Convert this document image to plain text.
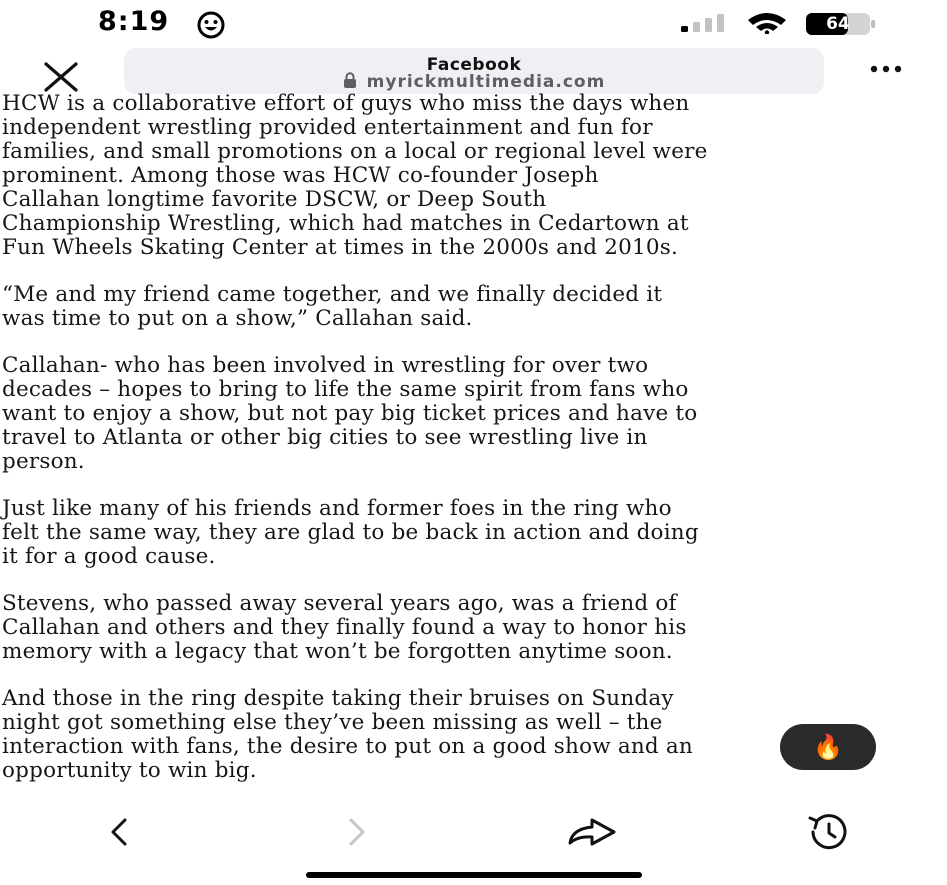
8:19	64
Facebook
myrickmultimedia.com

HCW is a collaborative effort of guys who miss the days when
independent wrestling provided entertainment and fun for
families, and small promotions on a local or regional level were
prominent. Among those was HCW co-founder Joseph
Callahan longtime favorite DSCW, or Deep South
Championship Wrestling, which had matches in Cedartown at
Fun Wheels Skating Center at times in the 2000s and 2010s.

“Me and my friend came together, and we finally decided it
was time to put on a show,” Callahan said.

Callahan- who has been involved in wrestling for over two
decades – hopes to bring to life the same spirit from fans who
want to enjoy a show, but not pay big ticket prices and have to
travel to Atlanta or other big cities to see wrestling live in
person.

Just like many of his friends and former foes in the ring who
felt the same way, they are glad to be back in action and doing
it for a good cause.

Stevens, who passed away several years ago, was a friend of
Callahan and others and they finally found a way to honor his
memory with a legacy that won’t be forgotten anytime soon.

And those in the ring despite taking their bruises on Sunday
night got something else they’ve been missing as well – the
interaction with fans, the desire to put on a good show and an
opportunity to win big.

🔥
